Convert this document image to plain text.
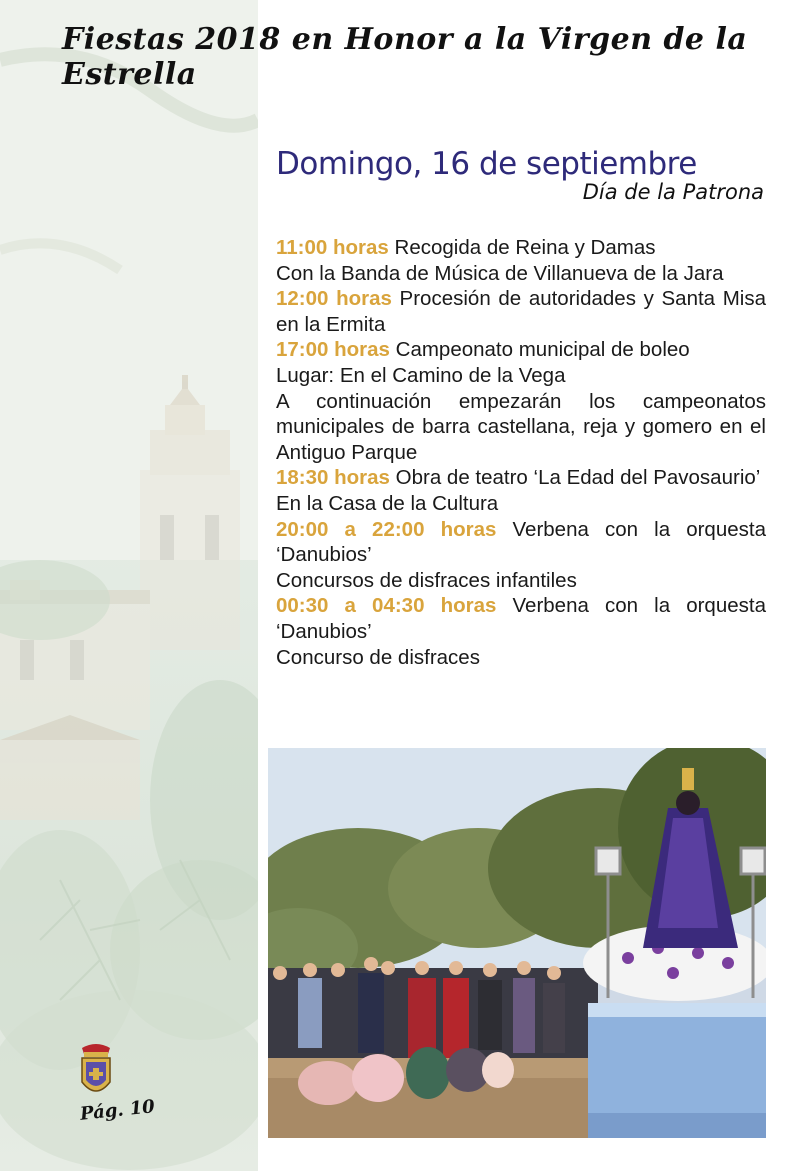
Fiestas 2018 en Honor a la Virgen de la Estrella
Domingo, 16 de septiembre
Día de la Patrona

11:00 horas Recogida de Reina y Damas

Con la Banda de Música de Villanueva de la Jara

12:00 horas Procesión de autoridades y Santa Misa en la Ermita

17:00 horas Campeonato municipal de boleo

Lugar: En el Camino de la Vega

A continuación empezarán los campeonatos municipales de barra castellana, reja y gomero en el Antiguo Parque

18:30 horas Obra de teatro ‘La Edad del Pavosaurio’

En la Casa de la Cultura

20:00 a 22:00 horas Verbena con la orquesta ‘Danubios’

Concursos de disfraces infantiles

00:30 a 04:30 horas Verbena con la orquesta ‘Danubios’

Concurso de disfraces

Pág. 10
